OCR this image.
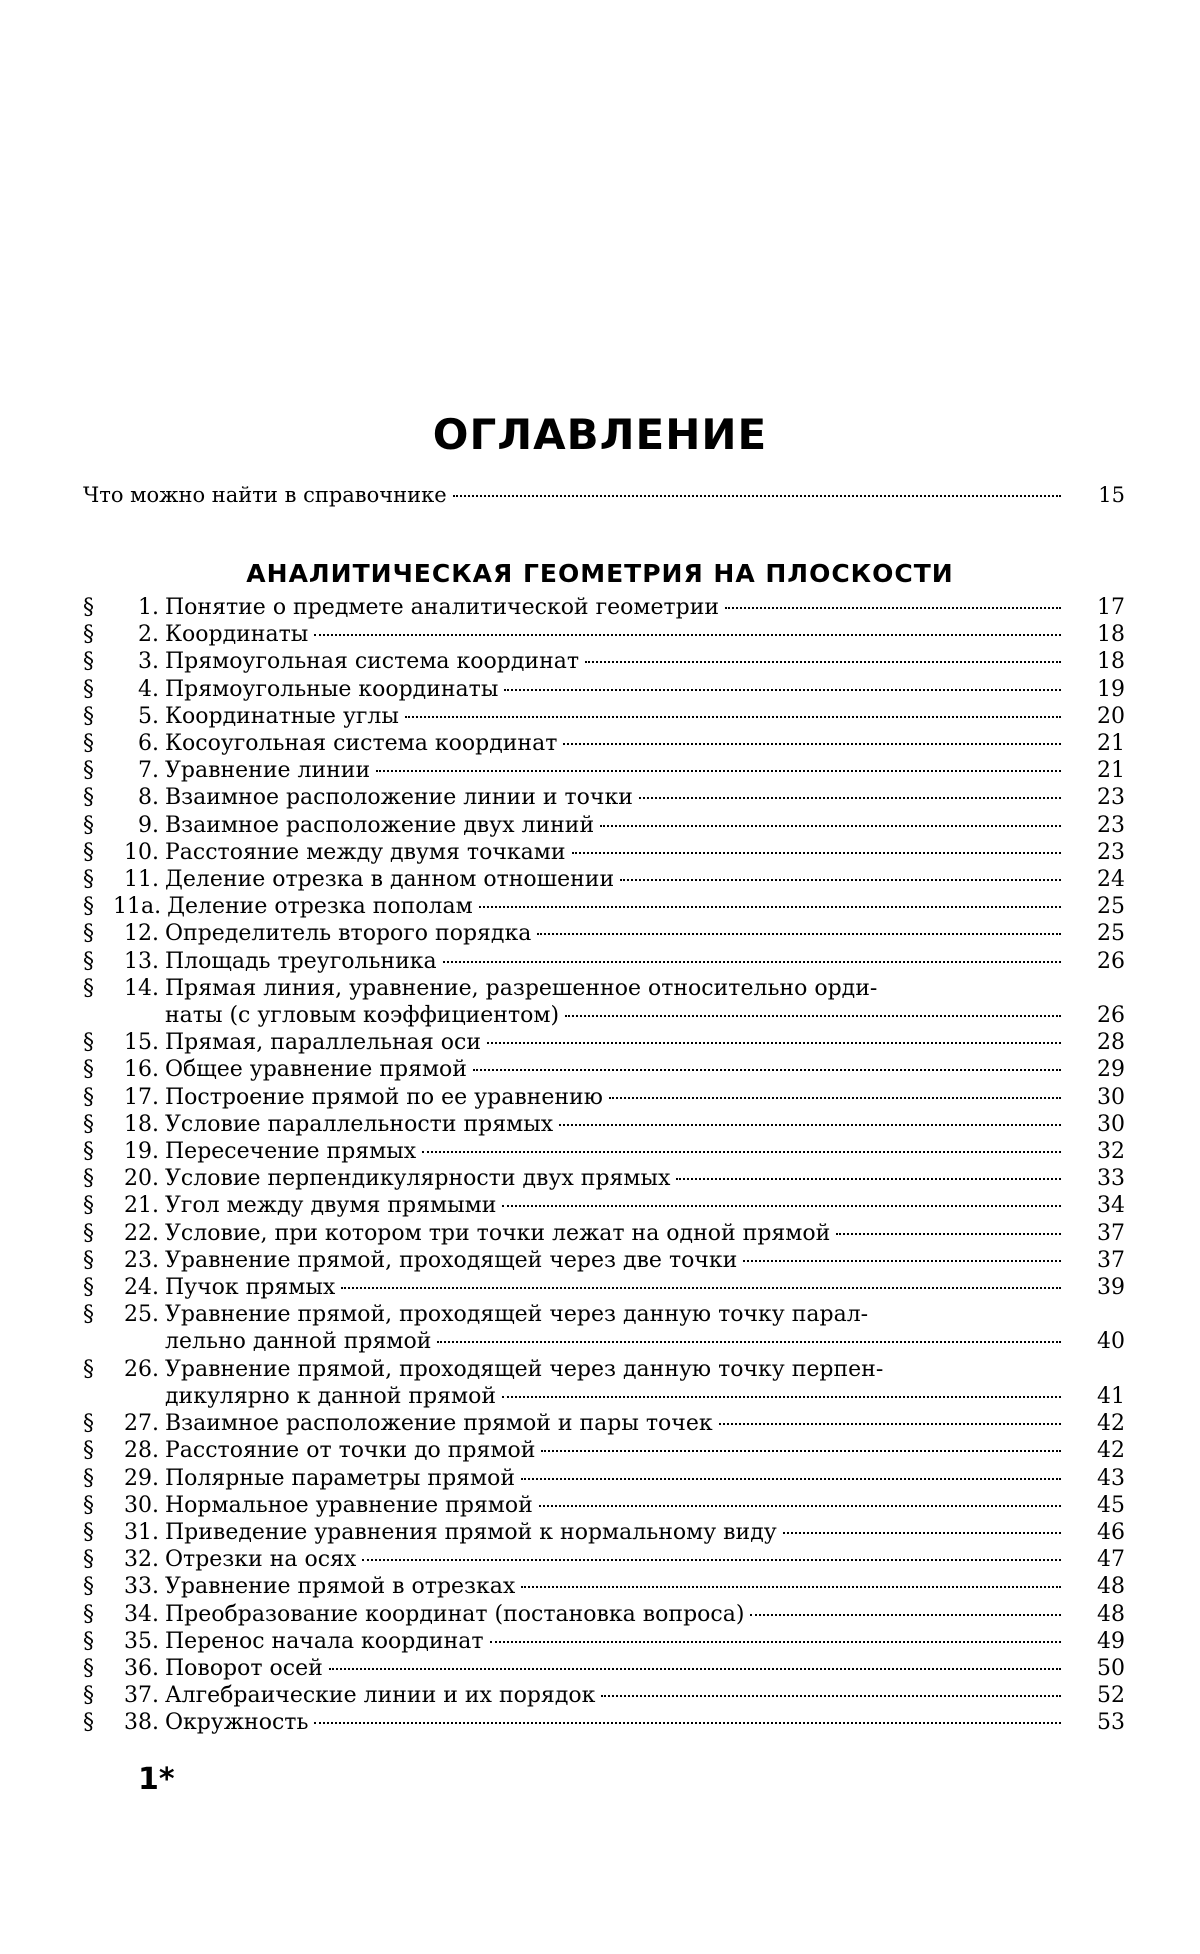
ОГЛАВЛЕНИЕ
Что можно найти в справочнике	15
АНАЛИТИЧЕСКАЯ ГЕОМЕТРИЯ НА ПЛОСКОСТИ
§	1. Понятие о предмете аналитической геометрии	17
§	2. Координаты	18
§	3. Прямоугольная система координат	18
§	4. Прямоугольные координаты	19
§	5. Координатные углы	20
§	6. Косоугольная система координат	21
§	7. Уравнение линии	21
§	8. Взаимное расположение линии и точки	23
§	9. Взаимное расположение двух линий	23
§	10. Расстояние между двумя точками	23
§	11. Деление отрезка в данном отношении	24
§ 11а. Деление отрезка пополам	25
§	12. Определитель второго порядка	25
§	13. Площадь треугольника	26
§	14. Прямая линия, уравнение, разрешенное относительно орди-
наты (с угловым коэффициентом)	26
§	15. Прямая, параллельная оси	28
§	16. Общее уравнение прямой	29
§	17. Построение прямой по ее уравнению	30
§	18. Условие параллельности прямых	30
§	19. Пересечение прямых	32
§	20. Условие перпендикулярности двух прямых	33
§	21. Угол между двумя прямыми	34
§	22. Условие, при котором три точки лежат на одной прямой	37
§	23. Уравнение прямой, проходящей через две точки	37
§	24. Пучок прямых	39
§	25. Уравнение прямой, проходящей через данную точку парал-
лельно данной прямой	40
§	26. Уравнение прямой, проходящей через данную точку перпен-
дикулярно к данной прямой	41
§	27. Взаимное расположение прямой и пары точек	42
§	28. Расстояние от точки до прямой	42
§	29. Полярные параметры прямой	43
§	30. Нормальное уравнение прямой	45
§	31. Приведение уравнения прямой к нормальному виду	46
§	32. Отрезки на осях	47
§	33. Уравнение прямой в отрезках	48
§	34. Преобразование координат (постановка вопроса)	48
§	35. Перенос начала координат	49
§	36. Поворот осей	50
§	37. Алгебраические линии и их порядок	52
§	38. Окружность	53
1*
